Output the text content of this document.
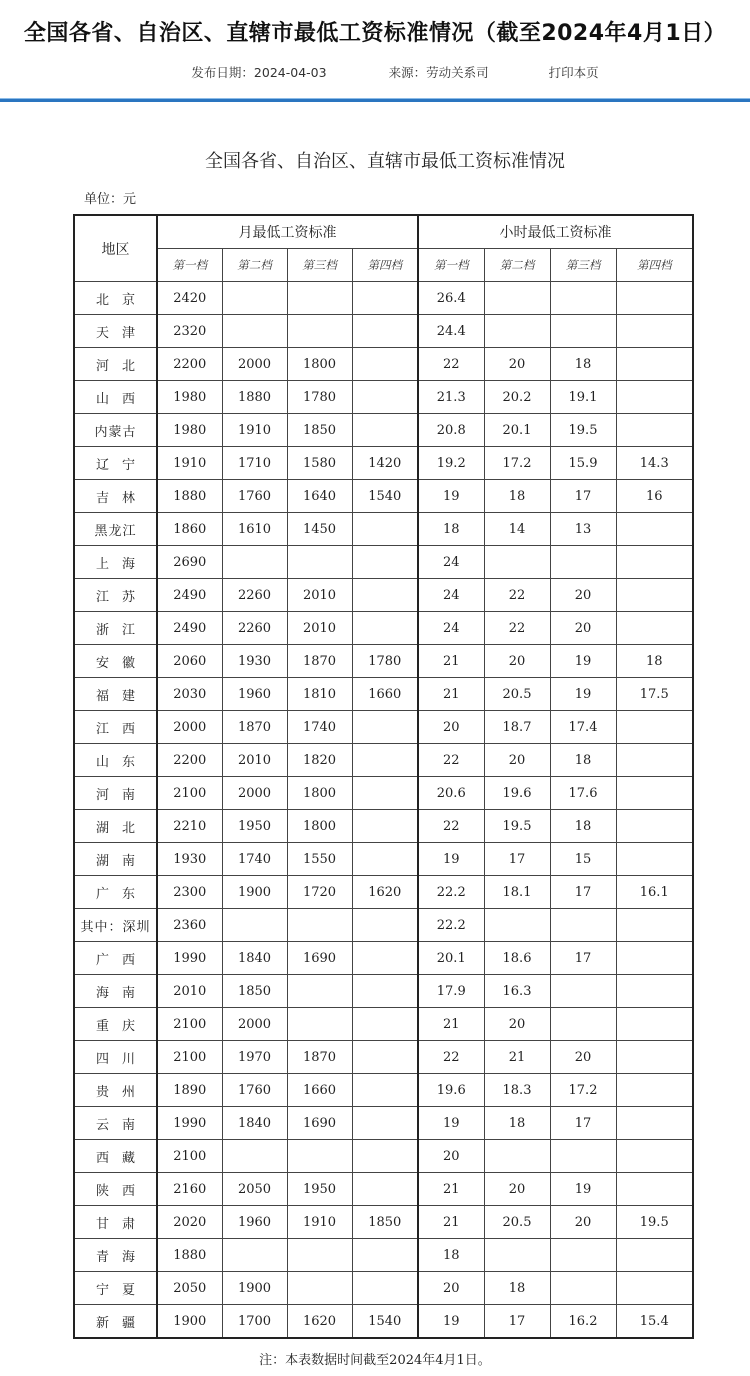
全国各省、自治区、直辖市最低工资标准情况（截至2024年4月1日）
发布日期：2024-04-03	来源：劳动关系司	打印本页
全国各省、自治区、直辖市最低工资标准情况
单位：元
地区	月最低工资标准				小时最低工资标准			
	第一档	第二档	第三档	第四档	第一档	第二档	第三档	第四档
北京	2420				26.4			
天津	2320				24.4			
河北	2200	2000	1800		22	20	18	
山西	1980	1880	1780		21.3	20.2	19.1	
内蒙古	1980	1910	1850		20.8	20.1	19.5	
辽宁	1910	1710	1580	1420	19.2	17.2	15.9	14.3
吉林	1880	1760	1640	1540	19	18	17	16
黑龙江	1860	1610	1450		18	14	13	
上海	2690				24			
江苏	2490	2260	2010		24	22	20	
浙江	2490	2260	2010		24	22	20	
安徽	2060	1930	1870	1780	21	20	19	18
福建	2030	1960	1810	1660	21	20.5	19	17.5
江西	2000	1870	1740		20	18.7	17.4	
山东	2200	2010	1820		22	20	18	
河南	2100	2000	1800		20.6	19.6	17.6	
湖北	2210	1950	1800		22	19.5	18	
湖南	1930	1740	1550		19	17	15	
广东	2300	1900	1720	1620	22.2	18.1	17	16.1
其中：深圳	2360				22.2			
广西	1990	1840	1690		20.1	18.6	17	
海南	2010	1850			17.9	16.3		
重庆	2100	2000			21	20		
四川	2100	1970	1870		22	21	20	
贵州	1890	1760	1660		19.6	18.3	17.2	
云南	1990	1840	1690		19	18	17	
西藏	2100				20			
陕西	2160	2050	1950		21	20	19	
甘肃	2020	1960	1910	1850	21	20.5	20	19.5
青海	1880				18			
宁夏	2050	1900			20	18		
新疆	1900	1700	1620	1540	19	17	16.2	15.4
注：本表数据时间截至2024年4月1日。
